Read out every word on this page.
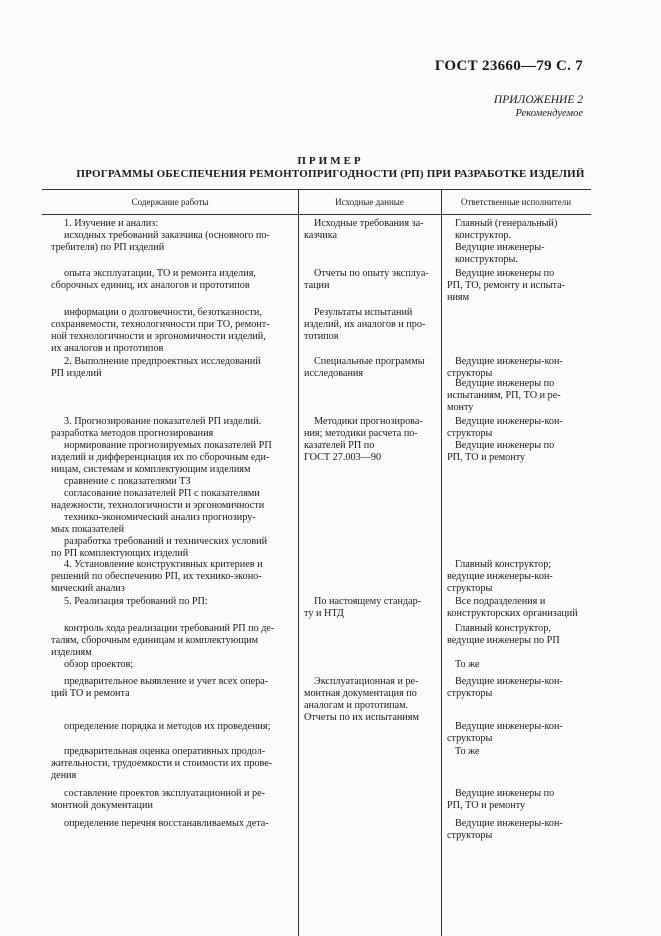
ГОСТ 23660—79 С. 7
ПРИЛОЖЕНИЕ 2
Рекомендуемое
ПРИМЕР
ПРОГРАММЫ ОБЕСПЕЧЕНИЯ РЕМОНТОПРИГОДНОСТИ (РП) ПРИ РАЗРАБОТКЕ ИЗДЕЛИЙ
Содержание работы	Исходные данные	Ответственные исполнители
1. Изучение и анализ:
исходных требований заказчика (основного по-
требителя) по РП изделий
опыта эксплуатации, ТО и ремонта изделия,
сборочных единиц, их аналогов и прототипов
информации о долговечности, безотказности,
сохраняемости, технологичности при ТО, ремонт-
ной технологичности и эргономичности изделий,
их аналогов и прототипов
2. Выполнение предпроектных исследований
РП изделий
3. Прогнозирование показателей РП изделий.
разработка методов прогнозирования
нормирование прогнозируемых показателей РП
изделий и дифференциация их по сборочным еди-
ницам, системам и комплектующим изделиям
сравнение с показателями ТЗ
согласование показателей РП с показателями
надежности, технологичности и эргономичности
технико-экономический анализ прогнозиру-
мых показателей
разработка требований и технических условий
по РП комплектующих изделий
4. Установление конструктивных критериев и
решений по обеспечению РП, их технико-эконо-
мический анализ
5. Реализация требований по РП:
контроль хода реализации требований РП по де-
талям, сборочным единицам и комплектующим
изделиям
обзор проектов;
предварительное выявление и учет всех опера-
ций ТО и ремонта
определение порядка и методов их проведения;
предварительная оценка оперативных продол-
жительности, трудоемкости и стоимости их прове-
дения
составление проектов эксплуатационной и ре-
монтной документации
определение перечня восстанавливаемых дета-
Исходные требования за-
казчика
Отчеты по опыту эксплуа-
тации
Результаты испытаний
изделий, их аналогов и про-
тотипов
Специальные программы
исследования
Методики прогнозирова-
ния; методики расчета по-
казателей РП по
ГОСТ 27.003—90
По настоящему стандар-
ту и НТД
Эксплуатационная и ре-
монтная документация по
аналогам и прототипам.
Отчеты по их испытаниям
Главный (генеральный)
конструктор.
Ведущие инженеры-
конструкторы.
Ведущие инженеры по
РП, ТО, ремонту и испыта-
ниям
Ведущие инженеры-кон-
структоры
Ведущие инженеры по
испытаниям, РП, ТО и ре-
монту
Ведущие инженеры-кон-
структоры
Ведущие инженеры по
РП, ТО и ремонту
Главный конструктор;
ведущие инженеры-кон-
структоры
Все подразделения и
конструкторских организаций
Главный конструктор,
ведущие инженеры по РП
То же
Ведущие инженеры-кон-
структоры
Ведущие инженеры-кон-
структоры
То же
Ведущие инженеры по
РП, ТО и ремонту
Ведущие инженеры-кон-
структоры
